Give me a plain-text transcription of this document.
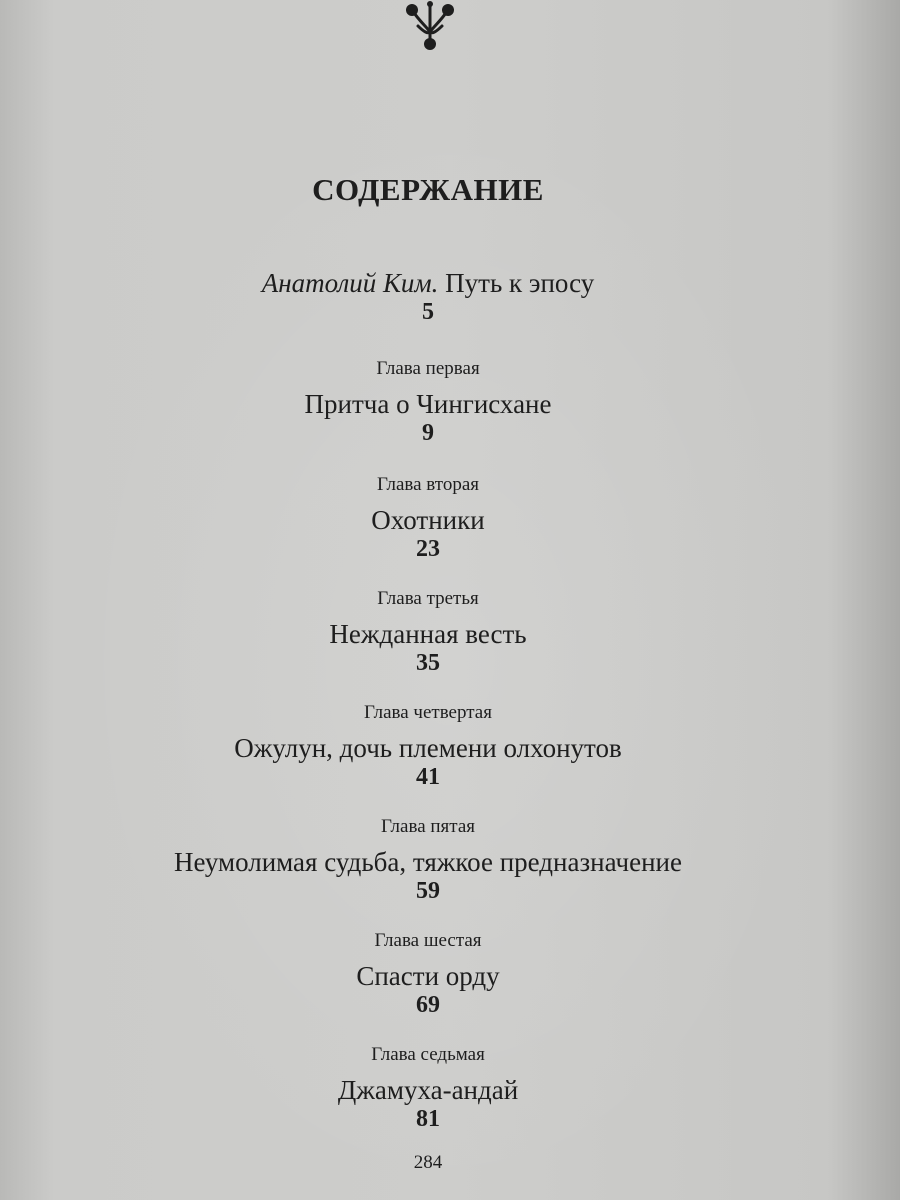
СОДЕРЖАНИЕ
Анатолий Ким. Путь к эпосу
5
Глава первая
Притча о Чингисхане
9
Глава вторая
Охотники
23
Глава третья
Нежданная весть
35
Глава четвертая
Ожулун, дочь племени олхонутов
41
Глава пятая
Неумолимая судьба, тяжкое предназначение
59
Глава шестая
Спасти орду
69
Глава седьмая
Джамуха-андай
81
284
